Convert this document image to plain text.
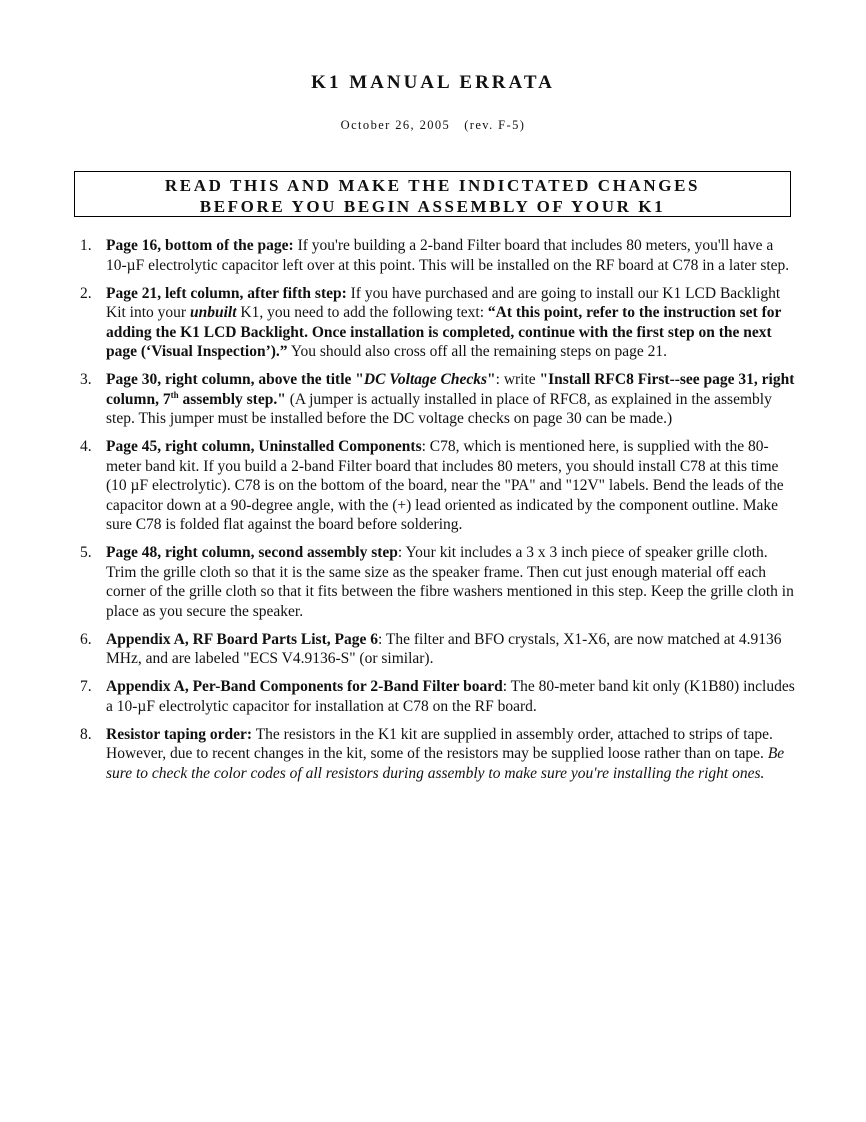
K1 MANUAL ERRATA
October 26, 2005 (rev. F-5)
READ THIS AND MAKE THE INDICTATED CHANGES
BEFORE YOU BEGIN ASSEMBLY OF YOUR K1
1. Page 16, bottom of the page: If you're building a 2-band Filter board that includes 80 meters, you'll have a 10-µF electrolytic capacitor left over at this point. This will be installed on the RF board at C78 in a later step.
2. Page 21, left column, after fifth step: If you have purchased and are going to install our K1 LCD Backlight Kit into your unbuilt K1, you need to add the following text: “At this point, refer to the instruction set for adding the K1 LCD Backlight. Once installation is completed, continue with the first step on the next page (‘Visual Inspection’).” You should also cross off all the remaining steps on page 21.
3. Page 30, right column, above the title "DC Voltage Checks": write "Install RFC8 First--see page 31, right column, 7th assembly step." (A jumper is actually installed in place of RFC8, as explained in the assembly step. This jumper must be installed before the DC voltage checks on page 30 can be made.)
4. Page 45, right column, Uninstalled Components: C78, which is mentioned here, is supplied with the 80-meter band kit. If you build a 2-band Filter board that includes 80 meters, you should install C78 at this time (10 µF electrolytic). C78 is on the bottom of the board, near the "PA" and "12V" labels. Bend the leads of the capacitor down at a 90-degree angle, with the (+) lead oriented as indicated by the component outline. Make sure C78 is folded flat against the board before soldering.
5. Page 48, right column, second assembly step: Your kit includes a 3 x 3 inch piece of speaker grille cloth. Trim the grille cloth so that it is the same size as the speaker frame. Then cut just enough material off each corner of the grille cloth so that it fits between the fibre washers mentioned in this step. Keep the grille cloth in place as you secure the speaker.
6. Appendix A, RF Board Parts List, Page 6: The filter and BFO crystals, X1-X6, are now matched at 4.9136 MHz, and are labeled "ECS V4.9136-S" (or similar).
7. Appendix A, Per-Band Components for 2-Band Filter board: The 80-meter band kit only (K1B80) includes a 10-µF electrolytic capacitor for installation at C78 on the RF board.
8. Resistor taping order: The resistors in the K1 kit are supplied in assembly order, attached to strips of tape. However, due to recent changes in the kit, some of the resistors may be supplied loose rather than on tape. Be sure to check the color codes of all resistors during assembly to make sure you're installing the right ones.
